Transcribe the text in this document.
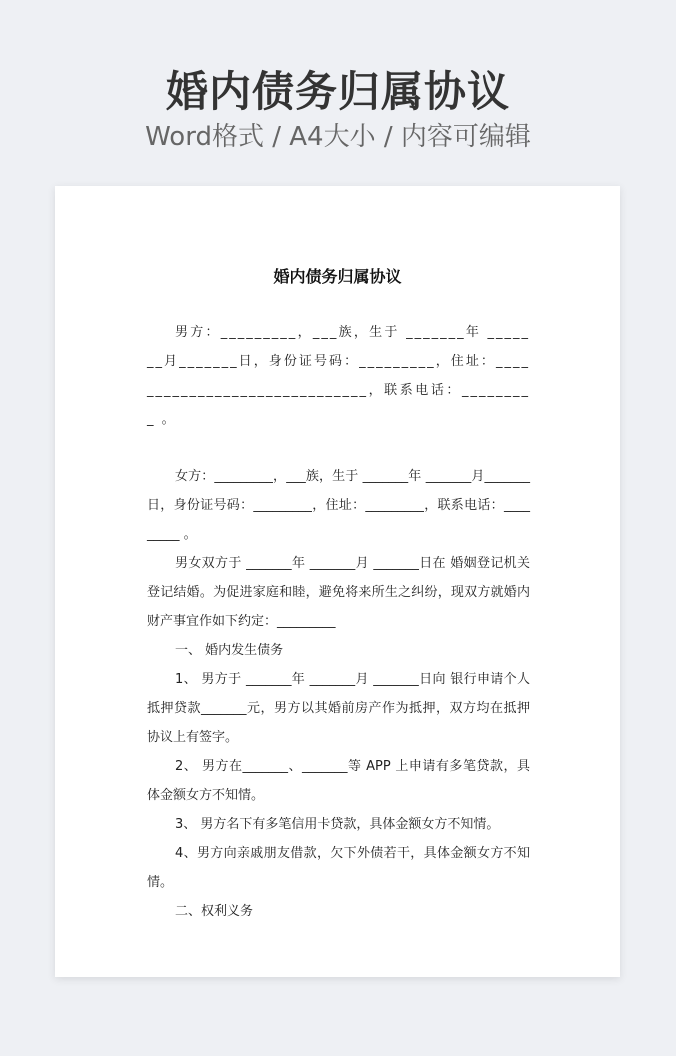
婚内债务归属协议
Word格式 / A4大小 / 内容可编辑
婚内债务归属协议

男方：_________，___族，生于 _______年 _______月_______日，身份证号码：_________，住址：______________________________，联系电话：_________ 。

女方：_________，___族，生于 _______年 _______月_______日，身份证号码：_________，住址：_________，联系电话：_________ 。

男女双方于 _______年 _______月 _______日在 婚姻登记机关登记结婚。为促进家庭和睦，避免将来所生之纠纷，现双方就婚内财产事宜作如下约定：_________

一、 婚内发生债务

1、 男方于 _______年 _______月 _______日向 银行申请个人抵押贷款_______元，男方以其婚前房产作为抵押，双方均在抵押协议上有签字。

2、 男方在_______、_______等 APP 上申请有多笔贷款，具体金额女方不知情。

3、 男方名下有多笔信用卡贷款，具体金额女方不知情。

4、男方向亲戚朋友借款，欠下外债若干，具体金额女方不知情。

二、权利义务
